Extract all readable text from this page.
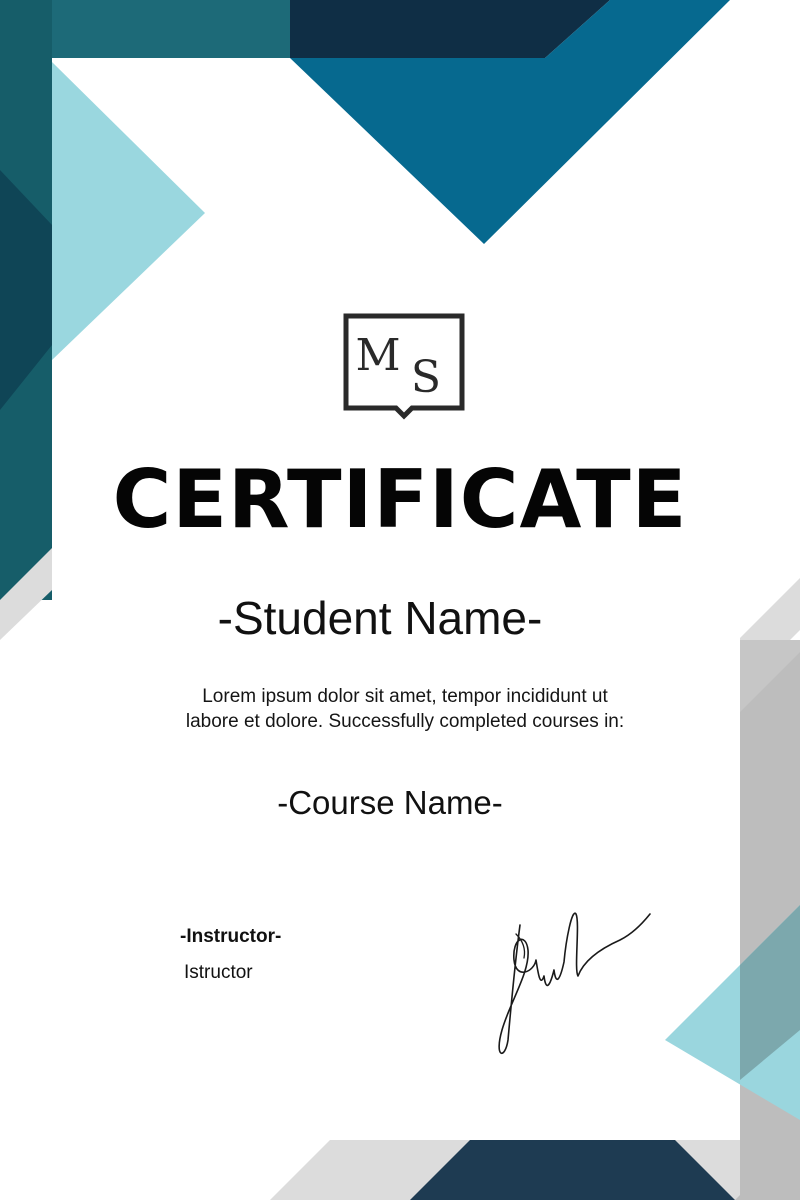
M S
CERTIFICATE
-Student Name-
Lorem ipsum dolor sit amet, tempor incididunt ut
labore et dolore. Successfully completed courses in:
-Course Name-
-Instructor-
Istructor
